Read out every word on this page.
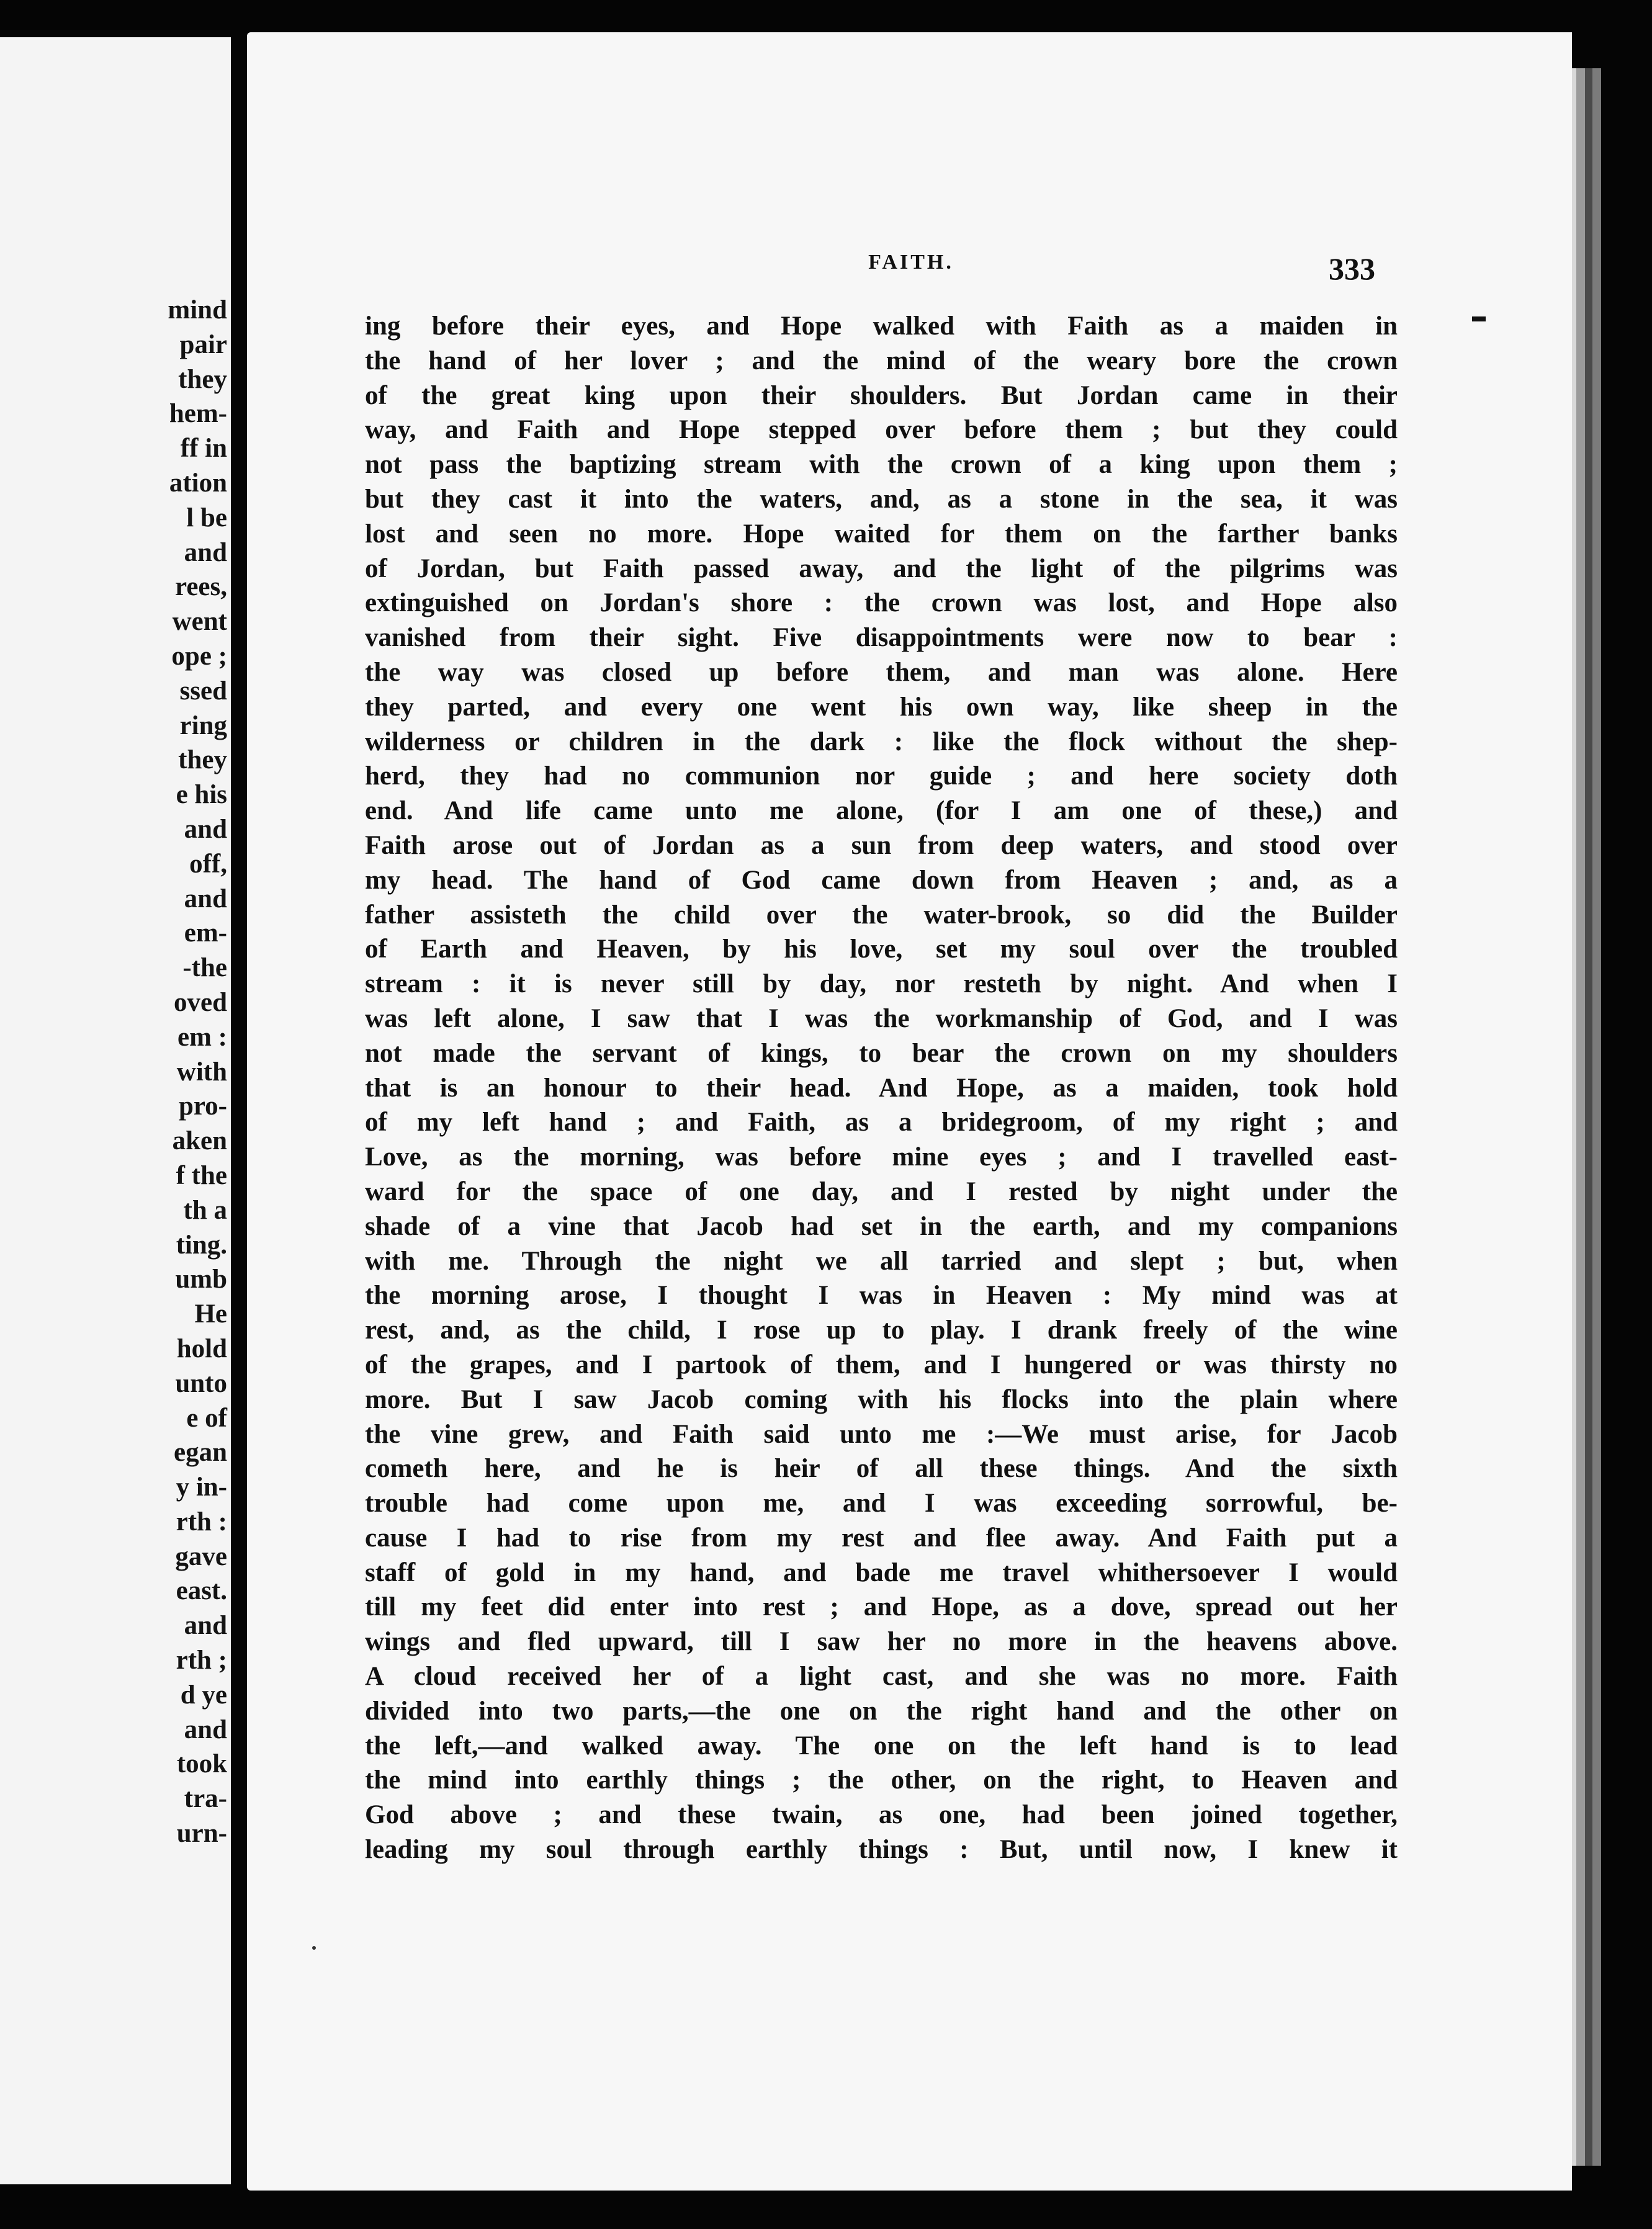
mind
pair
they
hem-
ff in
ation
l be
and
rees,
went
ope ;
ssed
ring
they
e his
and
off,
and
em-
-the
oved
em :
with
pro-
aken
f the
th a
ting.
umb
He
hold
unto
e of
egan
y in-
rth :
gave
east.
and
rth ;
d ye
and
took
tra-
urn-
FAITH.	333
ing before their eyes, and Hope walked with Faith as a maiden in
the hand of her lover ; and the mind of the weary bore the crown
of the great king upon their shoulders. But Jordan came in their
way, and Faith and Hope stepped over before them ; but they could
not pass the baptizing stream with the crown of a king upon them ;
but they cast it into the waters, and, as a stone in the sea, it was
lost and seen no more. Hope waited for them on the farther banks
of Jordan, but Faith passed away, and the light of the pilgrims was
extinguished on Jordan's shore : the crown was lost, and Hope also
vanished from their sight. Five disappointments were now to bear :
the way was closed up before them, and man was alone. Here
they parted, and every one went his own way, like sheep in the
wilderness or children in the dark : like the flock without the shep-
herd, they had no communion nor guide ; and here society doth
end. And life came unto me alone, (for I am one of these,) and
Faith arose out of Jordan as a sun from deep waters, and stood over
my head. The hand of God came down from Heaven ; and, as a
father assisteth the child over the water-brook, so did the Builder
of Earth and Heaven, by his love, set my soul over the troubled
stream : it is never still by day, nor resteth by night. And when I
was left alone, I saw that I was the workmanship of God, and I was
not made the servant of kings, to bear the crown on my shoulders
that is an honour to their head. And Hope, as a maiden, took hold
of my left hand ; and Faith, as a bridegroom, of my right ; and
Love, as the morning, was before mine eyes ; and I travelled east-
ward for the space of one day, and I rested by night under the
shade of a vine that Jacob had set in the earth, and my companions
with me. Through the night we all tarried and slept ; but, when
the morning arose, I thought I was in Heaven : My mind was at
rest, and, as the child, I rose up to play. I drank freely of the wine
of the grapes, and I partook of them, and I hungered or was thirsty no
more. But I saw Jacob coming with his flocks into the plain where
the vine grew, and Faith said unto me :—We must arise, for Jacob
cometh here, and he is heir of all these things. And the sixth
trouble had come upon me, and I was exceeding sorrowful, be-
cause I had to rise from my rest and flee away. And Faith put a
staff of gold in my hand, and bade me travel whithersoever I would
till my feet did enter into rest ; and Hope, as a dove, spread out her
wings and fled upward, till I saw her no more in the heavens above.
A cloud received her of a light cast, and she was no more. Faith
divided into two parts,—the one on the right hand and the other on
the left,—and walked away. The one on the left hand is to lead
the mind into earthly things ; the other, on the right, to Heaven and
God above ; and these twain, as one, had been joined together,
leading my soul through earthly things : But, until now, I knew it
